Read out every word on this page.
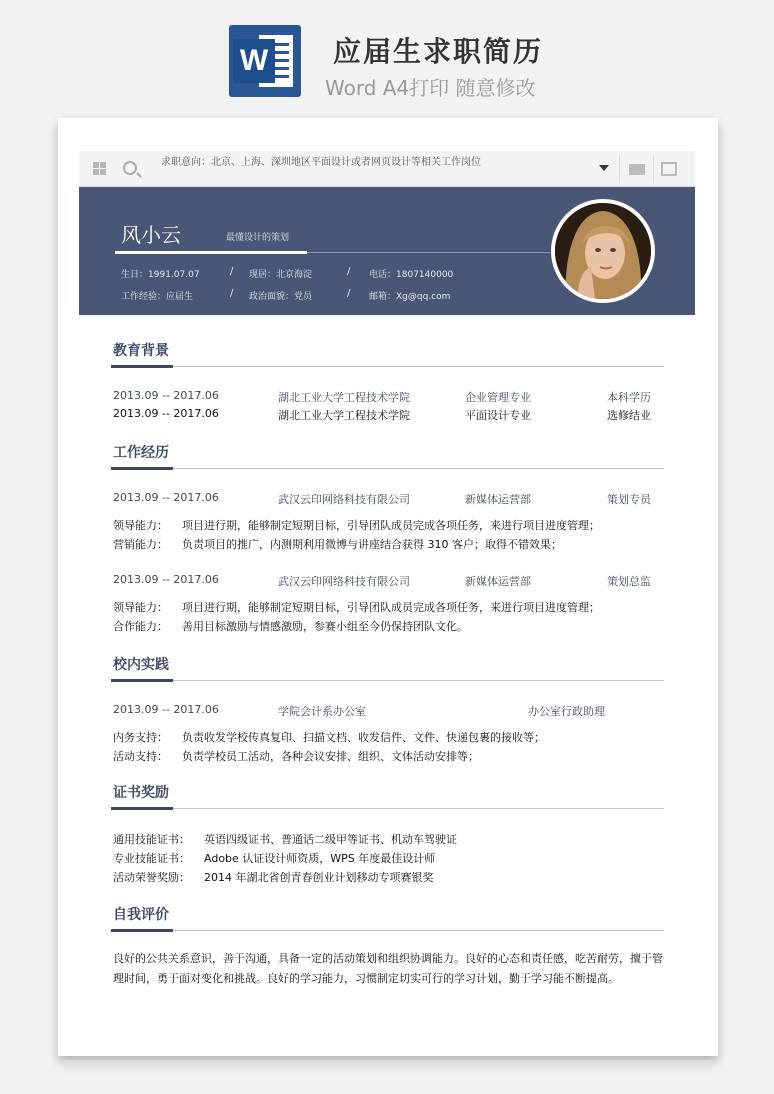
W 应届生求职简历
Word A4打印 随意修改
求职意向：北京、上海、深圳地区平面设计或者网页设计等相关工作岗位
风小云	最懂设计的策划
生日：1991.07.07	/ 现居：北京海淀	/ 电话：1807140000
工作经验：应届生	/ 政治面貌：党员	/ 邮箱：Xg@qq.com
教育背景
2013.09 -- 2017.06	湖北工业大学工程技术学院	企业管理专业	本科学历
2013.09 -- 2017.06	湖北工业大学工程技术学院	平面设计专业	选修结业
工作经历
2013.09 -- 2017.06	武汉云印网络科技有限公司	新媒体运营部	策划专员
领导能力： 项目进行期，能够制定短期目标，引导团队成员完成各项任务，来进行项目进度管理；
营销能力： 负责项目的推广，内测期利用微博与讲座结合获得 310 客户；取得不错效果；
2013.09 -- 2017.06	武汉云印网络科技有限公司	新媒体运营部	策划总监
领导能力： 项目进行期，能够制定短期目标，引导团队成员完成各项任务，来进行项目进度管理；
合作能力： 善用目标激励与情感激励，参赛小组至今仍保持团队文化。
校内实践
2013.09 -- 2017.06	学院会计系办公室	办公室行政助理
内务支持： 负责收发学校传真复印、扫描文档、收发信件、文件、快递包裹的接收等；
活动支持： 负责学校员工活动，各种会议安排、组织、文体活动安排等；
证书奖励
通用技能证书： 英语四级证书、普通话二级甲等证书、机动车驾驶证
专业技能证书： Adobe 认证设计师资质，WPS 年度最佳设计师
活动荣誉奖励： 2014 年湖北省创青春创业计划移动专项赛银奖
自我评价
良好的公共关系意识，善于沟通，具备一定的活动策划和组织协调能力。良好的心态和责任感，吃苦耐劳，擅于管理时间，勇于面对变化和挑战。良好的学习能力，习惯制定切实可行的学习计划，勤于学习能不断提高。
